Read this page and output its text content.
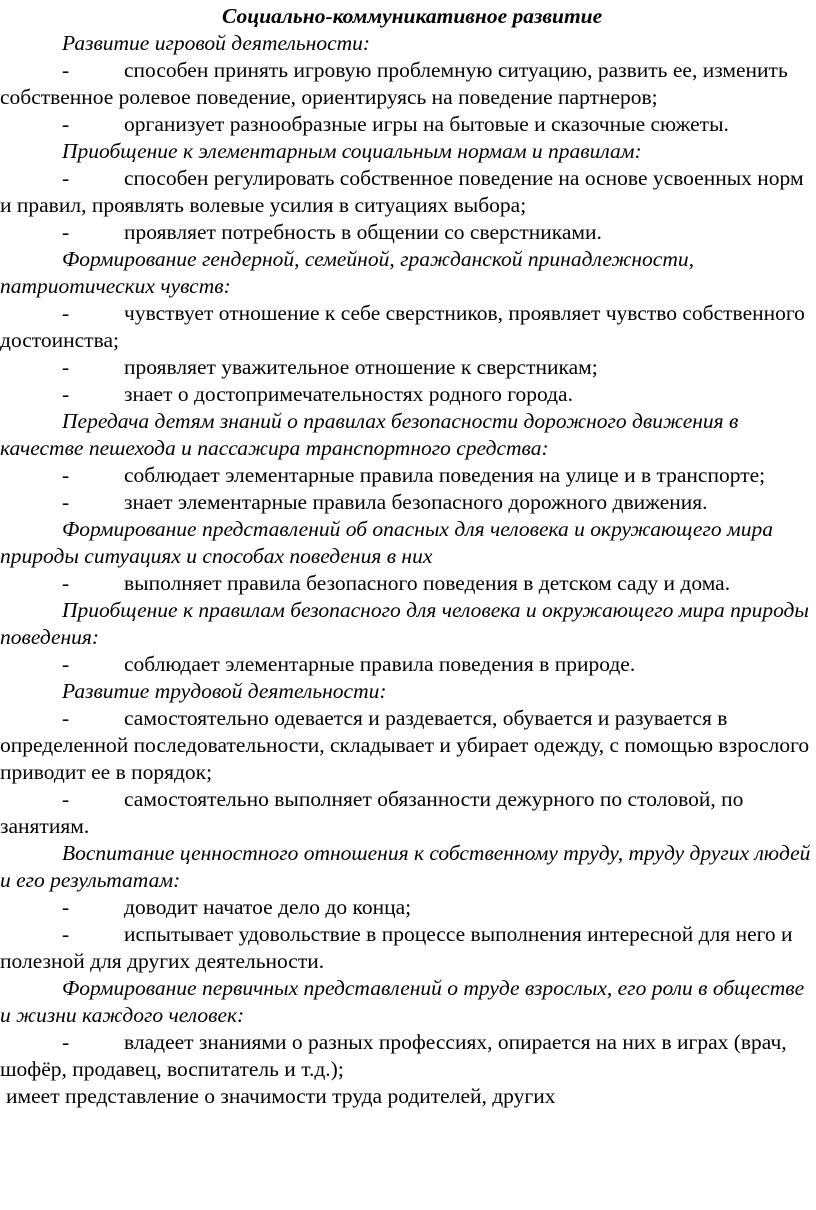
Социально-коммуникативное развитие
Развитие игровой деятельности:
-	способен принять игровую проблемную ситуацию, развить ее, изменить собственное ролевое поведение, ориентируясь на поведение партнеров;
-	организует разнообразные игры на бытовые и сказочные сюжеты.
Приобщение к элементарным социальным нормам и правилам:
-	способен регулировать собственное поведение на основе усвоенных норм и правил, проявлять волевые усилия в ситуациях выбора;
-	проявляет потребность в общении со сверстниками.
Формирование гендерной, семейной, гражданской принадлежности, патриотических чувств:
-	чувствует отношение к себе сверстников, проявляет чувство собственного достоинства;
-	проявляет уважительное отношение к сверстникам;
-	знает о достопримечательностях родного города.
Передача детям знаний о правилах безопасности дорожного движения в качестве пешехода и пассажира транспортного средства:
-	соблюдает элементарные правила поведения на улице и в транспорте;
-	знает элементарные правила безопасного дорожного движения.
Формирование представлений об опасных для человека и окружающего мира природы ситуациях и способах поведения в них
-	выполняет правила безопасного поведения в детском саду и дома.
Приобщение к правилам безопасного для человека и окружающего мира природы поведения:
-	соблюдает элементарные правила поведения в природе.
Развитие трудовой деятельности:
-	самостоятельно одевается и раздевается, обувается и разувается в определенной последовательности, складывает и убирает одежду, с помощью взрослого приводит ее в порядок;
-	самостоятельно выполняет обязанности дежурного по столовой, по занятиям.
Воспитание ценностного отношения к собственному труду, труду других людей и его результатам:
-	доводит начатое дело до конца;
-	испытывает удовольствие в процессе выполнения интересной для него и полезной для других деятельности.
Формирование первичных представлений о труде взрослых, его роли в обществе и жизни каждого человек:
-	владеет знаниями о разных профессиях, опирается на них в играх (врач, шофёр, продавец, воспитатель и т.д.);
имеет представление о значимости труда родителей, других
